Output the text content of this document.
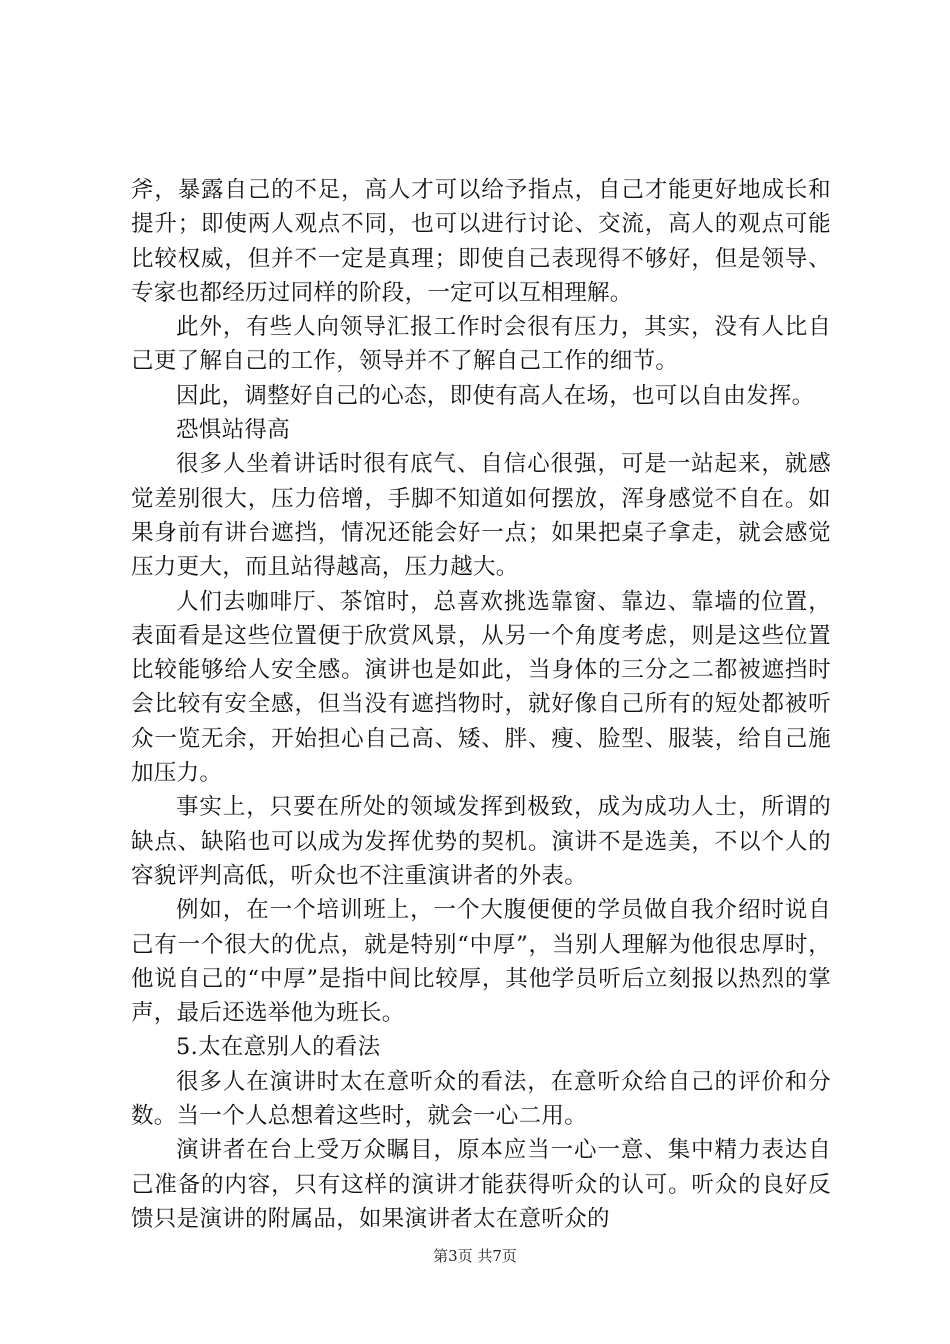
斧，暴露自己的不足，高人才可以给予指点，自己才能更好地成长和提升；即使两人观点不同，也可以进行讨论、交流，高人的观点可能比较权威，但并不一定是真理；即使自己表现得不够好，但是领导、专家也都经历过同样的阶段，一定可以互相理解。

此外，有些人向领导汇报工作时会很有压力，其实，没有人比自己更了解自己的工作，领导并不了解自己工作的细节。

因此，调整好自己的心态，即使有高人在场，也可以自由发挥。

恐惧站得高

很多人坐着讲话时很有底气、自信心很强，可是一站起来，就感觉差别很大，压力倍增，手脚不知道如何摆放，浑身感觉不自在。如果身前有讲台遮挡，情况还能会好一点；如果把桌子拿走，就会感觉压力更大，而且站得越高，压力越大。

人们去咖啡厅、茶馆时，总喜欢挑选靠窗、靠边、靠墙的位置，表面看是这些位置便于欣赏风景，从另一个角度考虑，则是这些位置比较能够给人安全感。演讲也是如此，当身体的三分之二都被遮挡时会比较有安全感，但当没有遮挡物时，就好像自己所有的短处都被听众一览无余，开始担心自己高、矮、胖、瘦、脸型、服装，给自己施加压力。

事实上，只要在所处的领域发挥到极致，成为成功人士，所谓的缺点、缺陷也可以成为发挥优势的契机。演讲不是选美，不以个人的容貌评判高低，听众也不注重演讲者的外表。

例如，在一个培训班上，一个大腹便便的学员做自我介绍时说自己有一个很大的优点，就是特别“中厚”，当别人理解为他很忠厚时，他说自己的“中厚”是指中间比较厚，其他学员听后立刻报以热烈的掌声，最后还选举他为班长。

5.太在意别人的看法

很多人在演讲时太在意听众的看法，在意听众给自己的评价和分数。当一个人总想着这些时，就会一心二用。

演讲者在台上受万众瞩目，原本应当一心一意、集中精力表达自己准备的内容，只有这样的演讲才能获得听众的认可。听众的良好反馈只是演讲的附属品，如果演讲者太在意听众的

第3页 共7页
